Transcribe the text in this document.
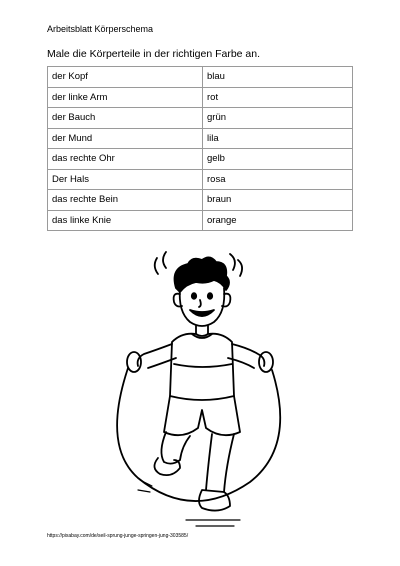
Arbeitsblatt Körperschema
Male die Körperteile in der richtigen Farbe an.
der Kopf	blau
der linke Arm	rot
der Bauch	grün
der Mund	lila
das rechte Ohr	gelb
Der Hals	rosa
das rechte Bein	braun
das linke Knie	orange
https://pixabay.com/de/seil-sprung-junge-springen-jung-303585/
